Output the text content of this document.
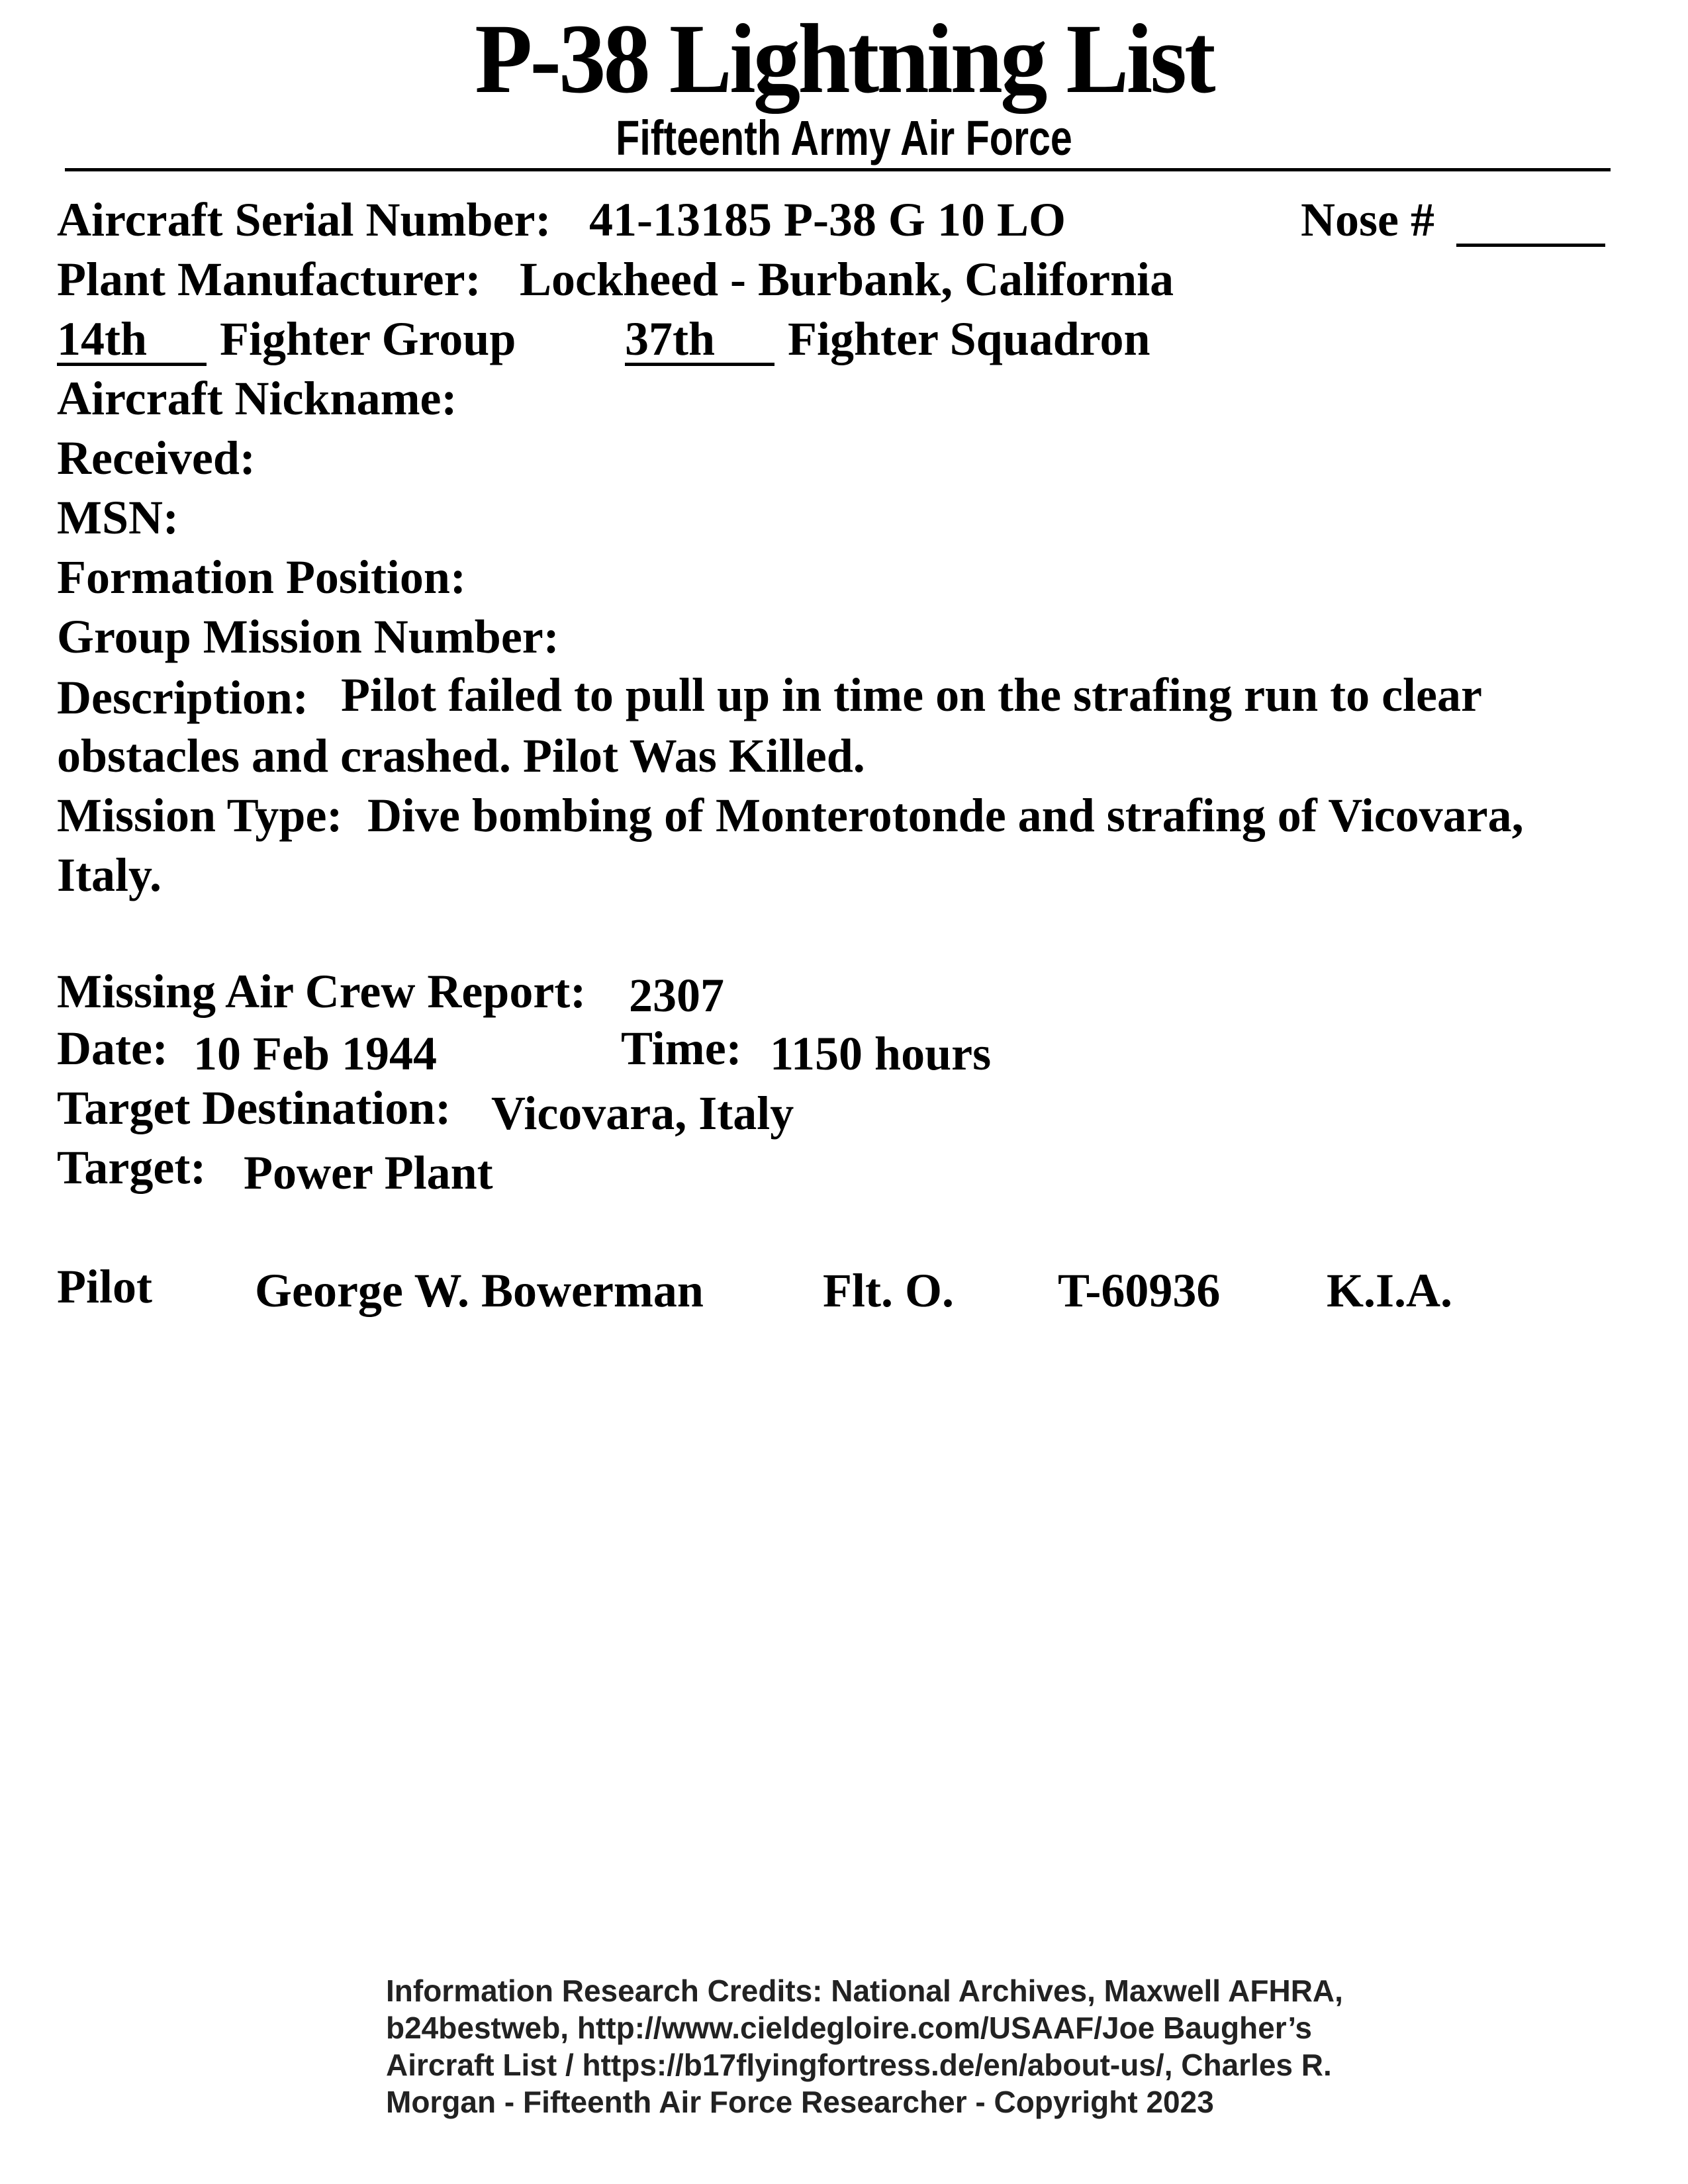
P-38 Lightning List
Fifteenth Army Air Force
Aircraft Serial Number: 41-13185 P-38 G 10 LO	Nose #
Plant Manufacturer: Lockheed - Burbank, California
14th Fighter Group 37th Fighter Squadron
Aircraft Nickname:
Received:
MSN:
Formation Position:
Group Mission Number:
Description: Pilot failed to pull up in time on the strafing run to clear
obstacles and crashed. Pilot Was Killed.
Mission Type: Dive bombing of Monterotonde and strafing of Vicovara,
Italy.
Missing Air Crew Report: 2307
Date: 10 Feb 1944	Time: 1150 hours
Target Destination: Vicovara, Italy
Target: Power Plant
Pilot George W. Bowerman	Flt. O. T-60936 K.I.A.
Information Research Credits: National Archives, Maxwell AFHRA,
b24bestweb, http://www.cieldegloire.com/USAAF/Joe Baugher’s
Aircraft List / https://b17flyingfortress.de/en/about-us/, Charles R.
Morgan - Fifteenth Air Force Researcher - Copyright 2023
